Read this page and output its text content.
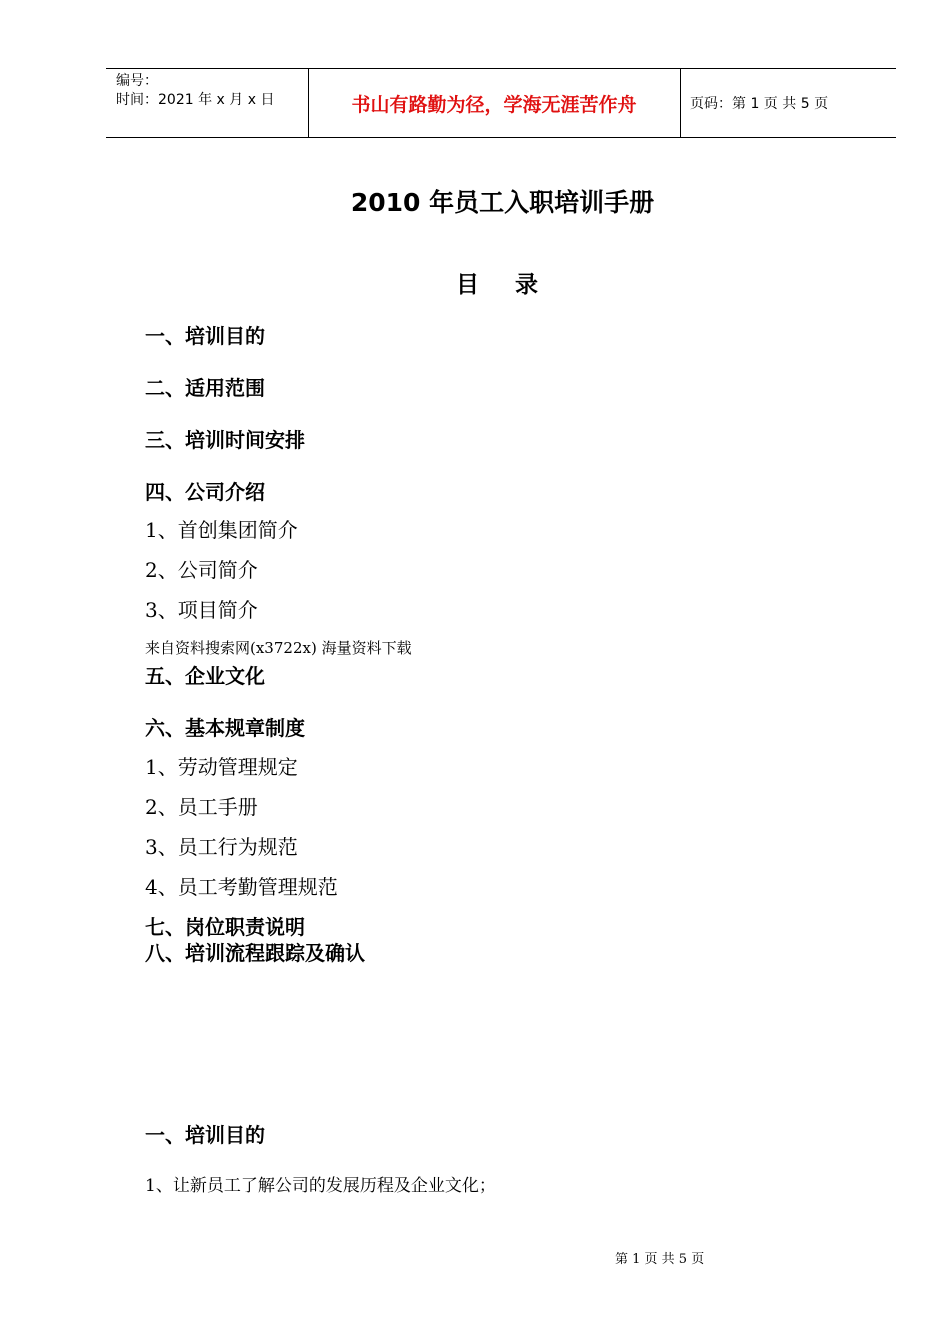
编号：
时间：2021 年 x 月 x 日	书山有路勤为径，学海无涯苦作舟	页码：第 1 页 共 5 页
2010 年员工入职培训手册
目 录
一、培训目的
二、适用范围
三、培训时间安排
四、公司介绍
1、首创集团简介
2、公司简介
3、项目简介
来自资料搜索网(x3722x) 海量资料下载
五、企业文化
六、基本规章制度
1、劳动管理规定
2、员工手册
3、员工行为规范
4、员工考勤管理规范
七、岗位职责说明
八、培训流程跟踪及确认
一、培训目的
1、让新员工了解公司的发展历程及企业文化；
第 1 页 共 5 页
